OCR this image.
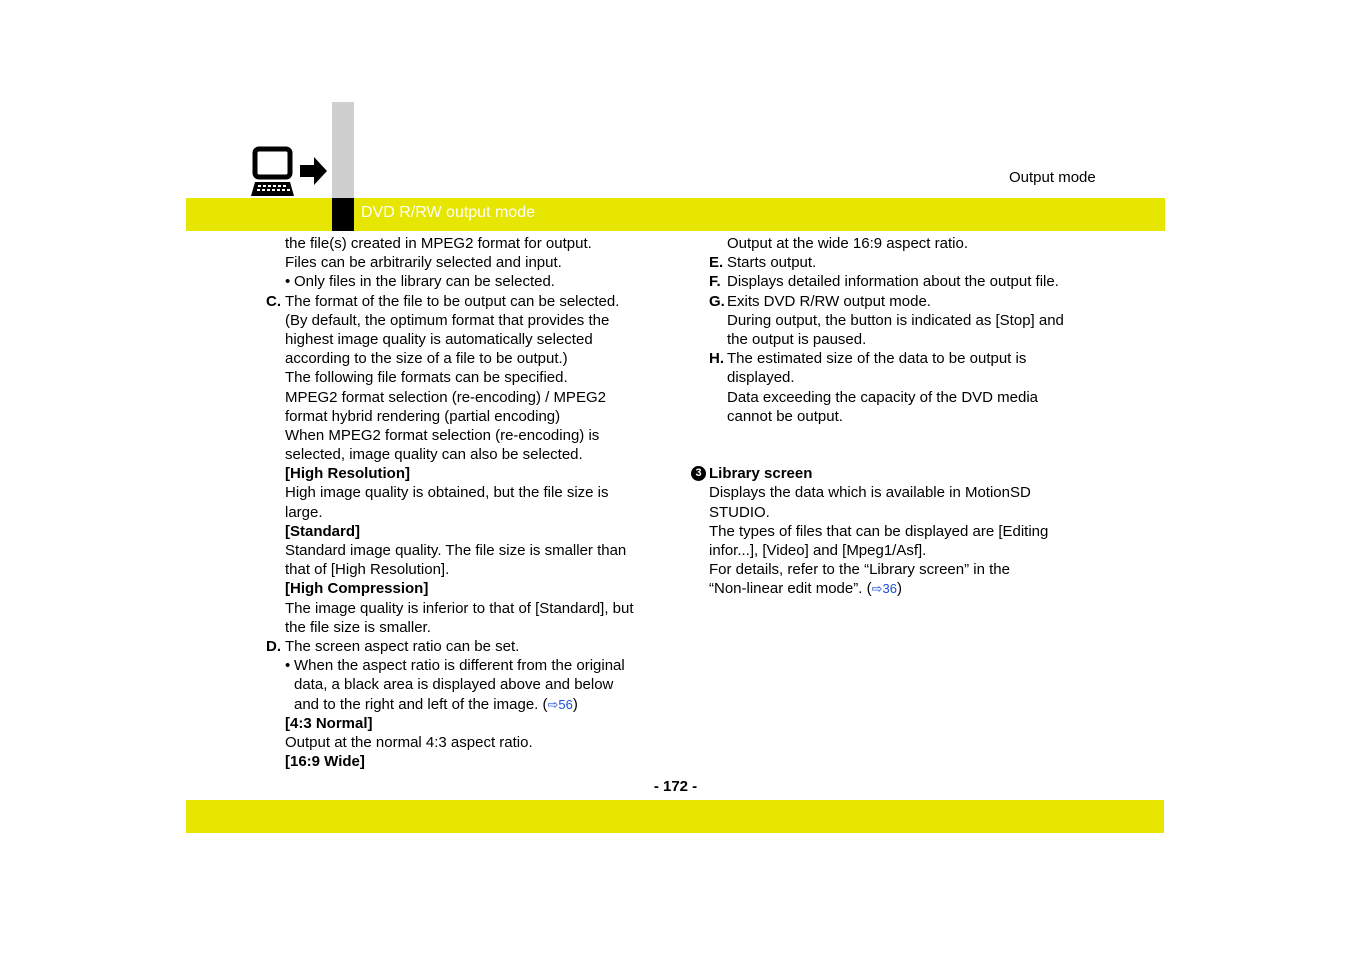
DVD R/RW output mode
Output mode
the file(s) created in MPEG2 format for output.
Files can be arbitrarily selected and input.
• Only files in the library can be selected.
C. The format of the file to be output can be selected.
(By default, the optimum format that provides the
highest image quality is automatically selected
according to the size of a file to be output.)
The following file formats can be specified.
MPEG2 format selection (re-encoding) / MPEG2
format hybrid rendering (partial encoding)
When MPEG2 format selection (re-encoding) is
selected, image quality can also be selected.
[High Resolution]
High image quality is obtained, but the file size is
large.
[Standard]
Standard image quality. The file size is smaller than
that of [High Resolution].
[High Compression]
The image quality is inferior to that of [Standard], but
the file size is smaller.
D. The screen aspect ratio can be set.
• When the aspect ratio is different from the original
data, a black area is displayed above and below
and to the right and left of the image. (⇨56)
[4:3 Normal]
Output at the normal 4:3 aspect ratio.
[16:9 Wide]
Output at the wide 16:9 aspect ratio.
E. Starts output.
F. Displays detailed information about the output file.
G. Exits DVD R/RW output mode.
During output, the button is indicated as [Stop] and
the output is paused.
H. The estimated size of the data to be output is
displayed.
Data exceeding the capacity of the DVD media
cannot be output.
3 Library screen
Displays the data which is available in MotionSD
STUDIO.
The types of files that can be displayed are [Editing
infor...], [Video] and [Mpeg1/Asf].
For details, refer to the “Library screen” in the
“Non-linear edit mode”. (⇨36)
- 172 -
